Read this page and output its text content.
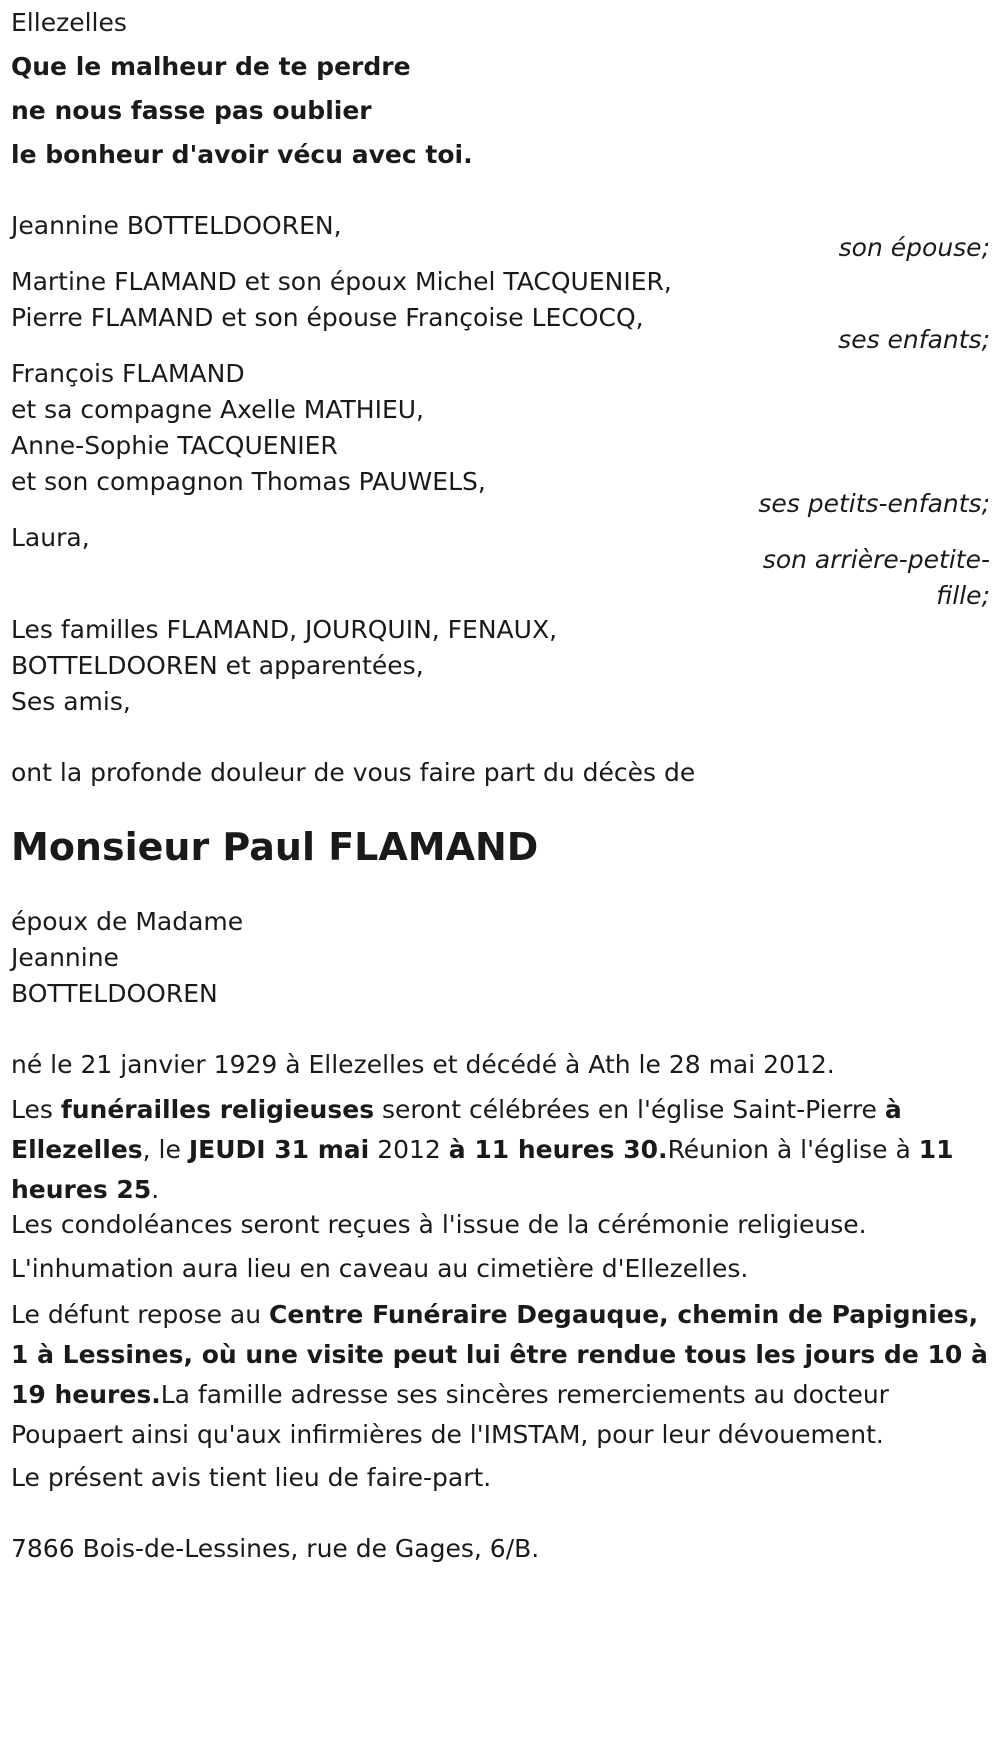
Ellezelles
Que le malheur de te perdre
ne nous fasse pas oublier
le bonheur d'avoir vécu avec toi.
Jeannine BOTTELDOOREN,
son épouse;
Martine FLAMAND et son époux Michel TACQUENIER,
Pierre FLAMAND et son épouse Françoise LECOCQ,
ses enfants;
François FLAMAND
et sa compagne Axelle MATHIEU,
Anne-Sophie TACQUENIER
et son compagnon Thomas PAUWELS,
ses petits-enfants;
Laura,
son arrière-petite-
fille;
Les familles FLAMAND, JOURQUIN, FENAUX,
BOTTELDOOREN et apparentées,
Ses amis,
ont la profonde douleur de vous faire part du décès de
Monsieur Paul FLAMAND
époux de Madame
Jeannine
BOTTELDOOREN
né le 21 janvier 1929 à Ellezelles et décédé à Ath le 28 mai 2012.

Les funérailles religieuses seront célébrées en l'église Saint-Pierre à Ellezelles, le JEUDI 31 mai 2012 à 11 heures 30.Réunion à l'église à 11 heures 25.

Les condoléances seront reçues à l'issue de la cérémonie religieuse.
L'inhumation aura lieu en caveau au cimetière d'Ellezelles.

Le défunt repose au Centre Funéraire Degauque, chemin de Papignies, 1 à Lessines, où une visite peut lui être rendue tous les jours de 10 à 19 heures.La famille adresse ses sincères remerciements au docteur Poupaert ainsi qu'aux infirmières de l'IMSTAM, pour leur dévouement.

Le présent avis tient lieu de faire-part.
7866 Bois-de-Lessines, rue de Gages, 6/B.
